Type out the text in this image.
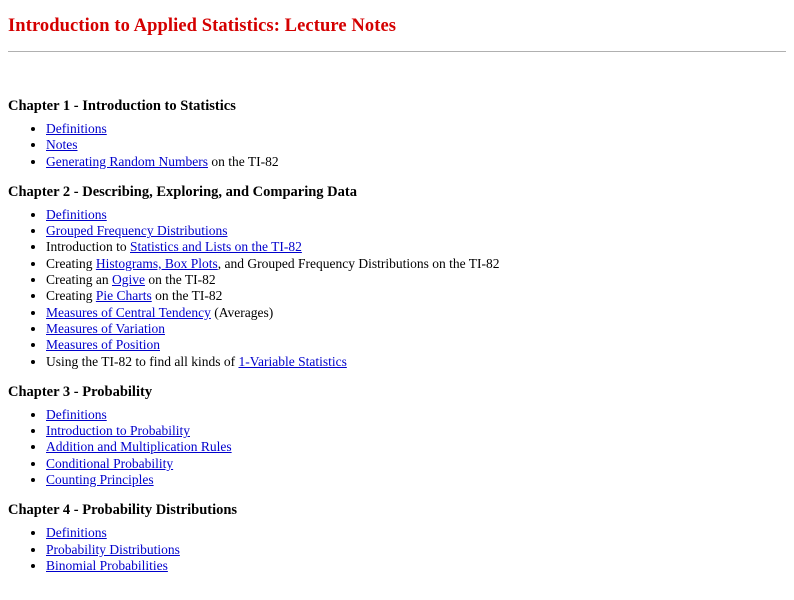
Introduction to Applied Statistics: Lecture Notes
Chapter 1 - Introduction to Statistics
• Definitions
• Notes
• Generating Random Numbers on the TI-82
Chapter 2 - Describing, Exploring, and Comparing Data
• Definitions
• Grouped Frequency Distributions
• Introduction to Statistics and Lists on the TI-82
• Creating Histograms, Box Plots, and Grouped Frequency Distributions on the TI-82
• Creating an Ogive on the TI-82
• Creating Pie Charts on the TI-82
• Measures of Central Tendency (Averages)
• Measures of Variation
• Measures of Position
• Using the TI-82 to find all kinds of 1-Variable Statistics
Chapter 3 - Probability
• Definitions
• Introduction to Probability
• Addition and Multiplication Rules
• Conditional Probability
• Counting Principles
Chapter 4 - Probability Distributions
• Definitions
• Probability Distributions
• Binomial Probabilities
